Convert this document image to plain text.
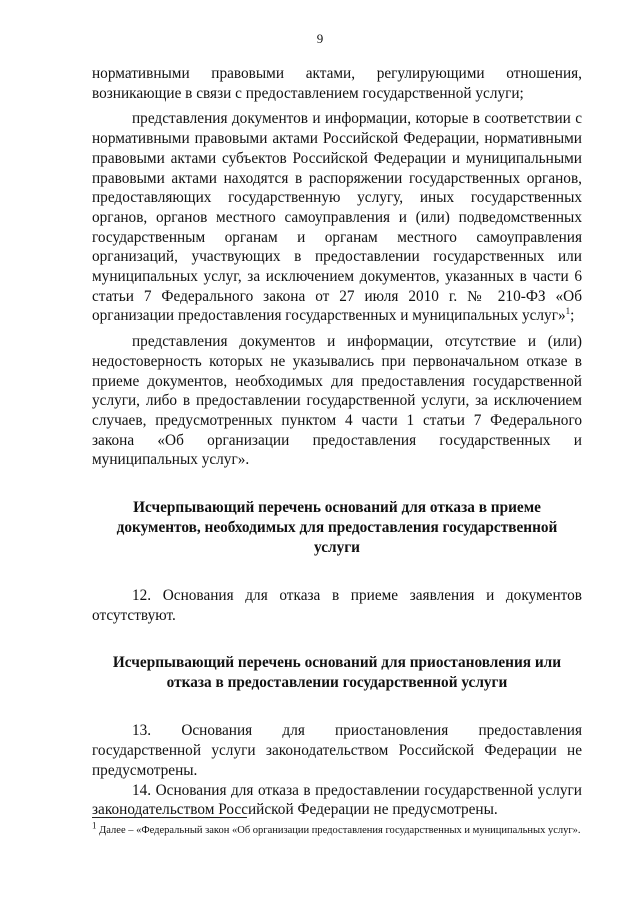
9

нормативными правовыми актами, регулирующими отношения, возникающие в связи с предоставлением государственной услуги;

представления документов и информации, которые в соответствии с нормативными правовыми актами Российской Федерации, нормативными правовыми актами субъектов Российской Федерации и муниципальными правовыми актами находятся в распоряжении государственных органов, предоставляющих государственную услугу, иных государственных органов, органов местного самоуправления и (или) подведомственных государственным органам и органам местного самоуправления организаций, участвующих в предоставлении государственных или муниципальных услуг, за исключением документов, указанных в части 6 статьи 7 Федерального закона от 27 июля 2010 г. № 210-ФЗ «Об организации предоставления государственных и муниципальных услуг»$^1$;

представления документов и информации, отсутствие и (или) недостоверность которых не указывались при первоначальном отказе в приеме документов, необходимых для предоставления государственной услуги, либо в предоставлении государственной услуги, за исключением случаев, предусмотренных пунктом 4 части 1 статьи 7 Федерального закона «Об организации предоставления государственных и муниципальных услуг».

Исчерпывающий перечень оснований для отказа в приеме документов, необходимых для предоставления государственной услуги

12. Основания для отказа в приеме заявления и документов отсутствуют.

Исчерпывающий перечень оснований для приостановления или отказа в предоставлении государственной услуги

13. Основания для приостановления предоставления государственной услуги законодательством Российской Федерации не предусмотрены.

14. Основания для отказа в предоставлении государственной услуги законодательством Российской Федерации не предусмотрены.

$^1$ Далее – «Федеральный закон «Об организации предоставления государственных и муниципальных услуг».
